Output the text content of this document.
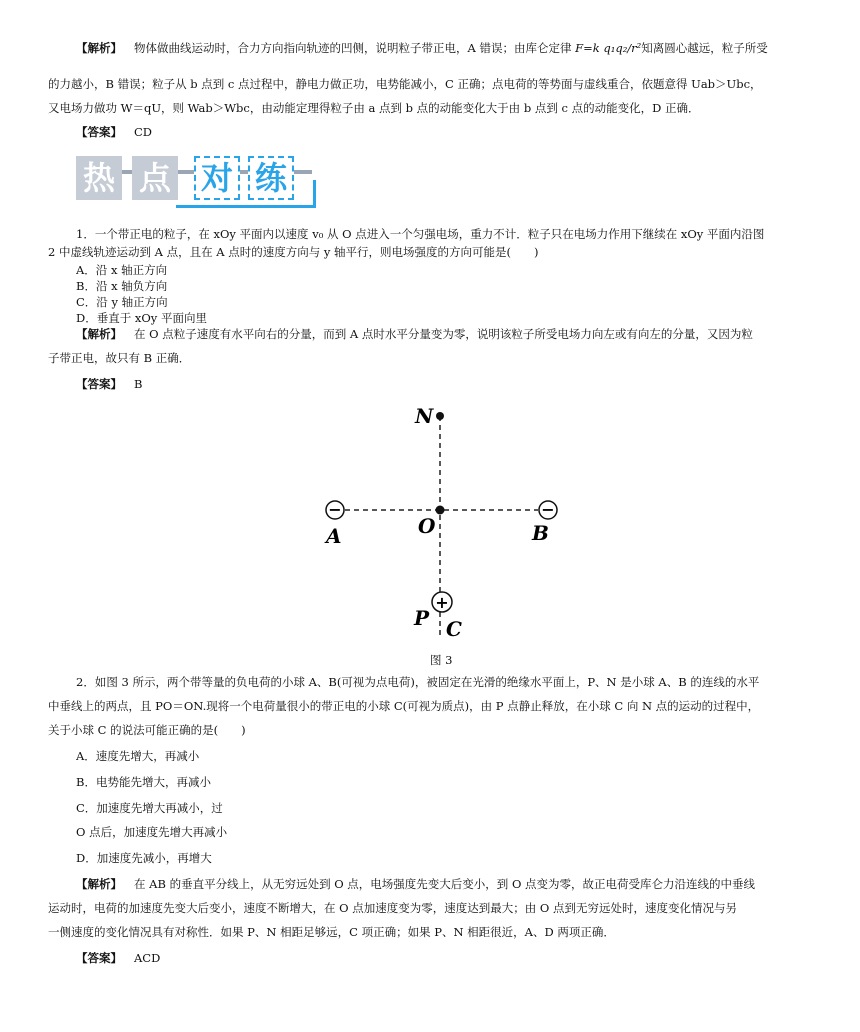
【解析】 物体做曲线运动时，合力方向指向轨迹的凹侧，说明粒子带正电，A 错误；由库仑定律 F=k q₁q₂/r²知离圆心越远，粒子所受
的力越小，B 错误；粒子从 b 点到 c 点过程中，静电力做正功，电势能减小，C 正确；点电荷的等势面与虚线重合，依题意得 Uab＞Ubc，
又电场力做功 W＝qU，则 Wab＞Wbc，由动能定理得粒子由 a 点到 b 点的动能变化大于由 b 点到 c 点的动能变化，D 正确．
【答案】 CD
热 点 对 练
1．一个带正电的粒子，在 xOy 平面内以速度 v₀ 从 O 点进入一个匀强电场，重力不计．粒子只在电场力作用下继续在 xOy 平面内沿图
2 中虚线轨迹运动到 A 点，且在 A 点时的速度方向与 y 轴平行，则电场强度的方向可能是(　　)
A．沿 x 轴正方向
B．沿 x 轴负方向
C．沿 y 轴正方向
D．垂直于 xOy 平面向里
【解析】 在 O 点粒子速度有水平向右的分量，而到 A 点时水平分量变为零，说明该粒子所受电场力向左或有向左的分量，又因为粒
子带正电，故只有 B 正确．
【答案】 B
−	−
+
N
A	O	B
P C
图 3
2．如图 3 所示，两个带等量的负电荷的小球 A、B(可视为点电荷)，被固定在光滑的绝缘水平面上，P、N 是小球 A、B 的连线的水平
中垂线上的两点，且 PO＝ON.现将一个电荷量很小的带正电的小球 C(可视为质点)，由 P 点静止释放，在小球 C 向 N 点的运动的过程中，
关于小球 C 的说法可能正确的是(　　)
A．速度先增大，再减小
B．电势能先增大，再减小
C．加速度先增大再减小，过
O 点后，加速度先增大再减小
D．加速度先减小，再增大
【解析】 在 AB 的垂直平分线上，从无穷远处到 O 点，电场强度先变大后变小，到 O 点变为零，故正电荷受库仑力沿连线的中垂线
运动时，电荷的加速度先变大后变小，速度不断增大，在 O 点加速度变为零，速度达到最大；由 O 点到无穷远处时，速度变化情况与另
一侧速度的变化情况具有对称性．如果 P、N 相距足够远，C 项正确；如果 P、N 相距很近，A、D 两项正确．
【答案】 ACD
